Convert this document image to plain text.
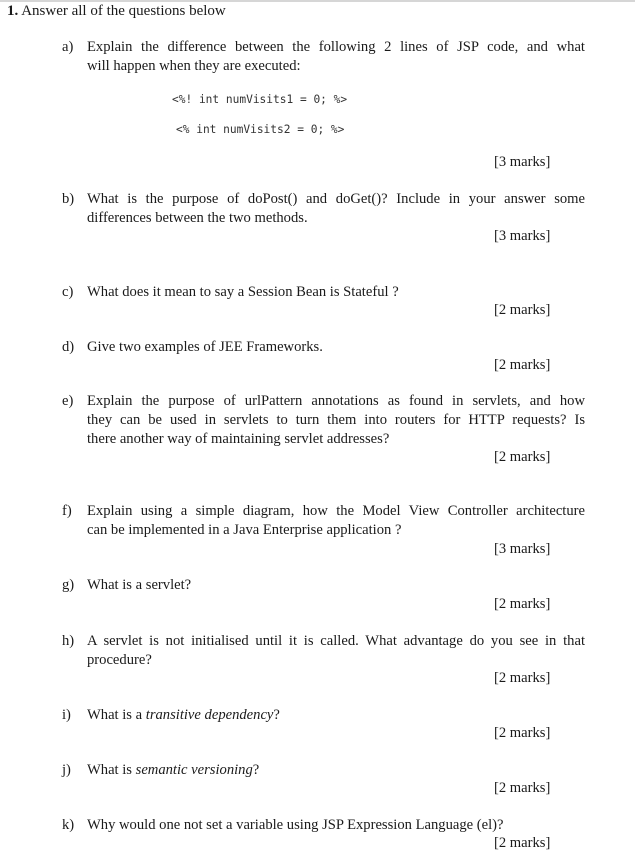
1. Answer all of the questions below
a) Explain the difference between the following 2 lines of JSP code, and what
will happen when they are executed:
<%! int numVisits1 = 0; %>
<% int numVisits2 = 0; %>
[3 marks]
b) What is the purpose of doPost() and doGet()? Include in your answer some
differences between the two methods.
[3 marks]
c) What does it mean to say a Session Bean is Stateful ?
[2 marks]
d) Give two examples of JEE Frameworks.
[2 marks]
e) Explain the purpose of urlPattern annotations as found in servlets, and how
they can be used in servlets to turn them into routers for HTTP requests? Is
there another way of maintaining servlet addresses?
[2 marks]
f) Explain using a simple diagram, how the Model View Controller architecture
can be implemented in a Java Enterprise application ?
[3 marks]
g) What is a servlet?
[2 marks]
h) A servlet is not initialised until it is called. What advantage do you see in that
procedure?
[2 marks]
i) What is a transitive dependency?
[2 marks]
j) What is semantic versioning?
[2 marks]
k) Why would one not set a variable using JSP Expression Language (el)?
[2 marks]
